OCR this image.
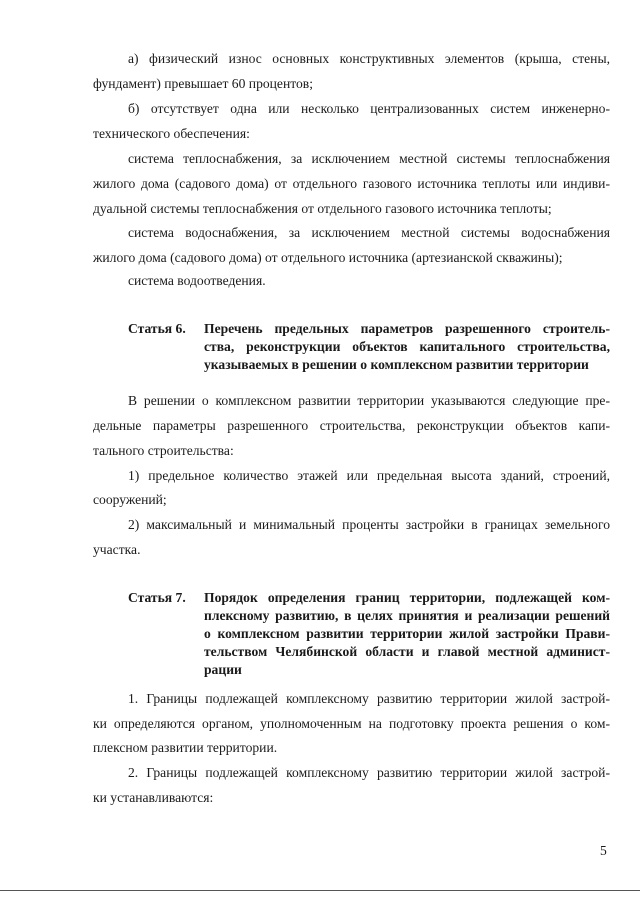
а) физический износ основных конструктивных элементов (крыша, стены,
фундамент) превышает 60 процентов;
б) отсутствует одна или несколько централизованных систем инженерно-
технического обеспечения:
система теплоснабжения, за исключением местной системы теплоснабжения
жилого дома (садового дома) от отдельного газового источника теплоты или индиви-
дуальной системы теплоснабжения от отдельного газового источника теплоты;
система водоснабжения, за исключением местной системы водоснабжения
жилого дома (садового дома) от отдельного источника (артезианской скважины);
система водоотведения.
Статья 6. Перечень предельных параметров разрешенного строитель-
ства, реконструкции объектов капитального строительства,
указываемых в решении о комплексном развитии территории
В решении о комплексном развитии территории указываются следующие пре-
дельные параметры разрешенного строительства, реконструкции объектов капи-
тального строительства:
1) предельное количество этажей или предельная высота зданий, строений,
сооружений;
2) максимальный и минимальный проценты застройки в границах земельного
участка.
Статья 7. Порядок определения границ территории, подлежащей ком-
плексному развитию, в целях принятия и реализации решений
о комплексном развитии территории жилой застройки Прави-
тельством Челябинской области и главой местной админист-
рации
1. Границы подлежащей комплексному развитию территории жилой застрой-
ки определяются органом, уполномоченным на подготовку проекта решения о ком-
плексном развитии территории.
2. Границы подлежащей комплексному развитию территории жилой застрой-
ки устанавливаются:
5
